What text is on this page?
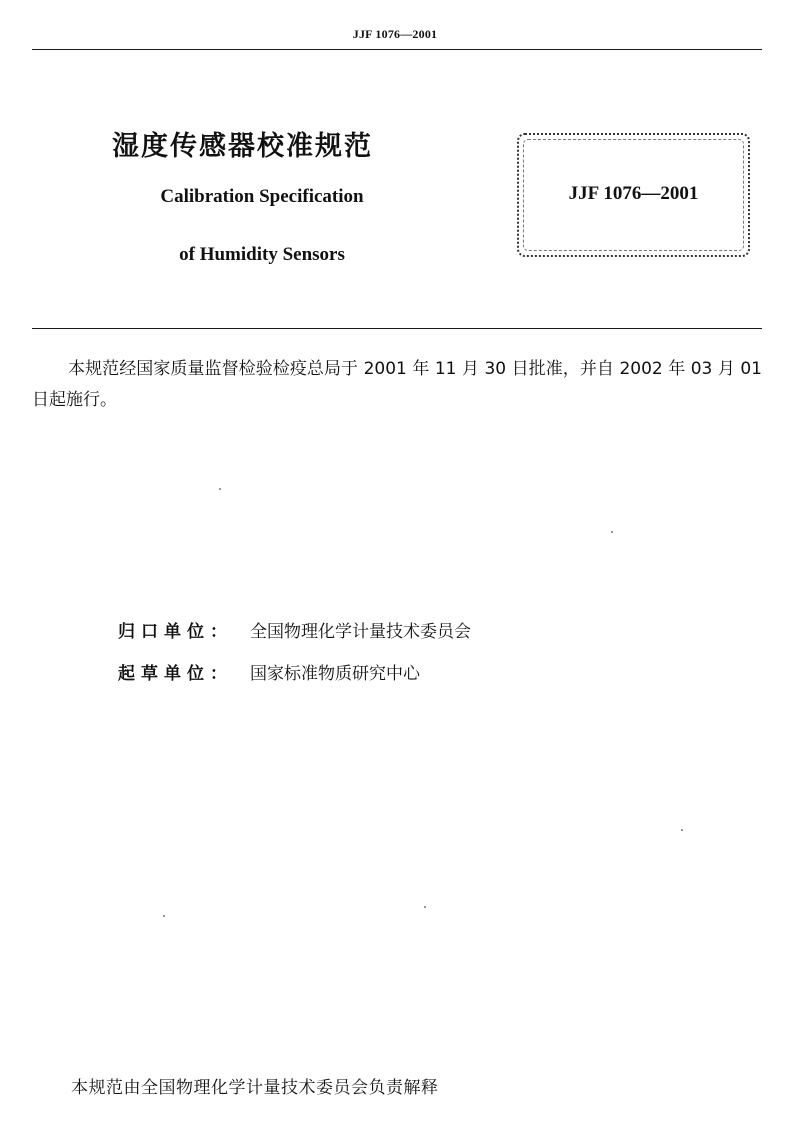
JJF 1076—2001
湿度传感器校准规范
Calibration Specification
of Humidity Sensors
JJF 1076—2001
本规范经国家质量监督检验检疫总局于 2001 年 11 月 30 日批准，并自 2002 年 03 月 01 日起施行。
归口单位： 全国物理化学计量技术委员会
起草单位： 国家标准物质研究中心
本规范由全国物理化学计量技术委员会负责解释
